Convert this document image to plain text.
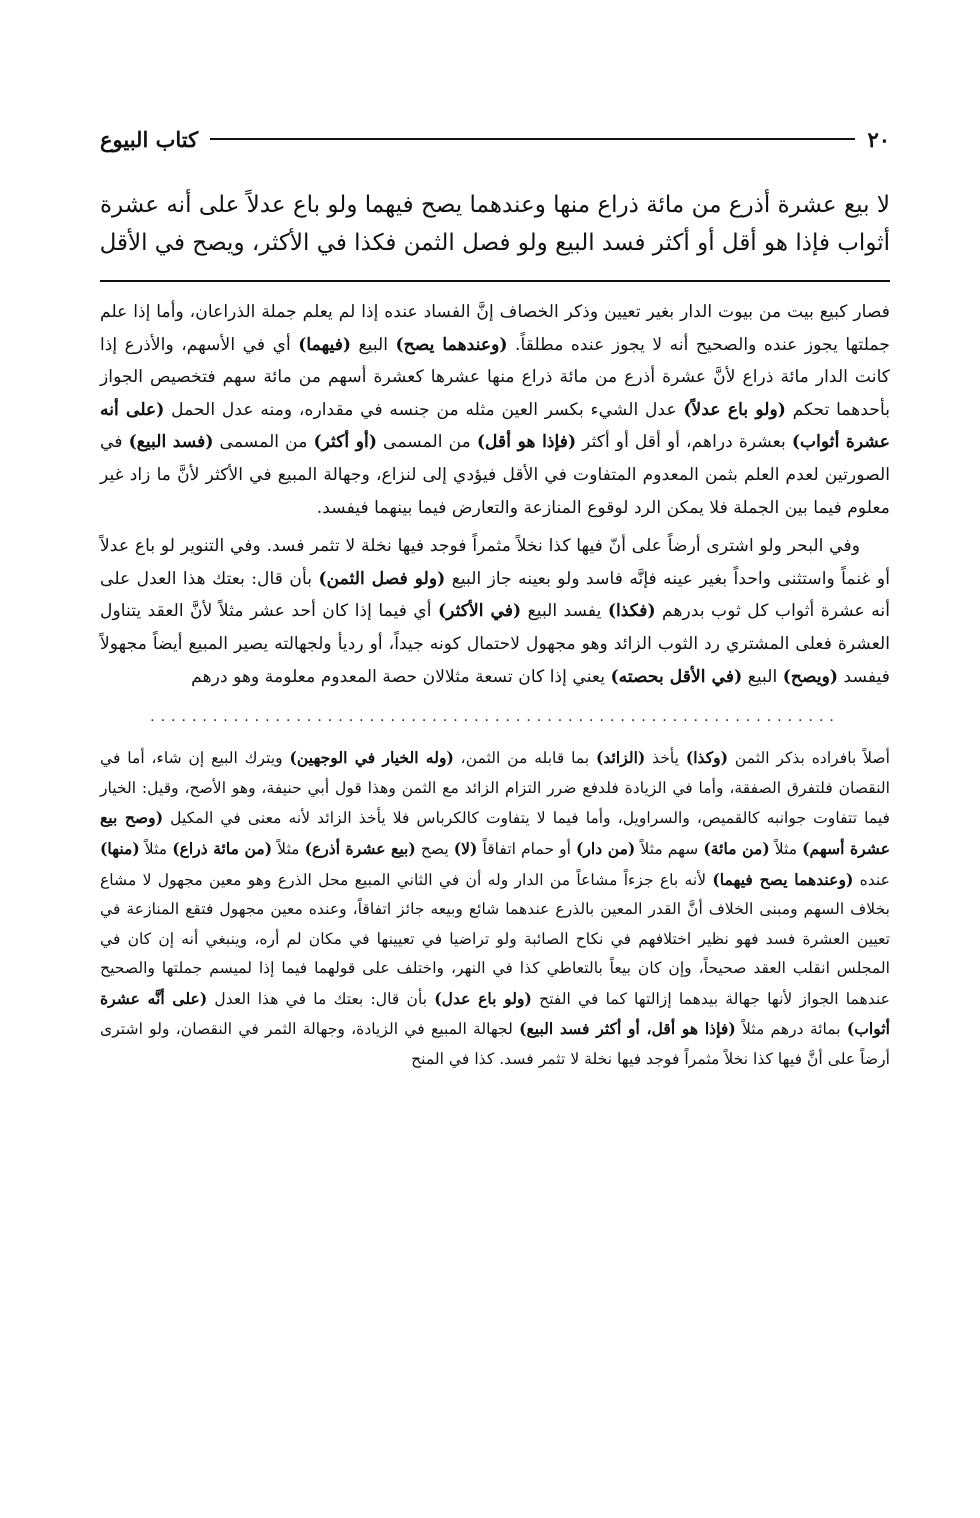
٢٠
كتاب البيوع
لا بيع عشرة أذرع من مائة ذراع منها وعندهما يصح فيهما ولو باع عدلاً على أنه عشرة
أثواب فإذا هو أقل أو أكثر فسد البيع ولو فصل الثمن فكذا في الأكثر، ويصح في الأقل

فصار كبيع بيت من بيوت الدار بغير تعيين وذكر الخصاف إنَّ الفساد عنده إذا لم يعلم جملة الذراعان، وأما إذا علم جملتها يجوز عنده والصحيح أنه لا يجوز عنده مطلقاً. (وعندهما يصح) البيع (فيهما) أي في الأسهم، والأذرع إذا كانت الدار مائة ذراع لأنَّ عشرة أذرع من مائة ذراع منها عشرها كعشرة أسهم من مائة سهم فتخصيص الجواز بأحدهما تحكم (ولو باع عدلاً) عدل الشيء بكسر العين مثله من جنسه في مقداره، ومنه عدل الحمل (على أنه عشرة أثواب) بعشرة دراهم، أو أقل أو أكثر (فإذا هو أقل) من المسمى (أو أكثر) من المسمى (فسد البيع) في الصورتين لعدم العلم بثمن المعدوم المتفاوت في الأقل فيؤدي إلى لنزاع، وجهالة المبيع في الأكثر لأنَّ ما زاد غير معلوم فيما بين الجملة فلا يمكن الرد لوقوع المنازعة والتعارض فيما بينهما فيفسد.

وفي البحر ولو اشترى أرضاً على أنّ فيها كذا نخلاً مثمراً فوجد فيها نخلة لا تثمر فسد. وفي التنوير لو باع عدلاً أو غنماً واستثنى واحداً بغير عينه فإنَّه فاسد ولو بعينه جاز البيع (ولو فصل الثمن) بأن قال: بعتك هذا العدل على أنه عشرة أثواب كل ثوب بدرهم (فكذا) يفسد البيع (في الأكثر) أي فيما إذا كان أحد عشر مثلاً لأنَّ العقد يتناول العشرة فعلى المشتري رد الثوب الزائد وهو مجهول لاحتمال كونه جيداً، أو رديأ ولجهالته يصير المبيع أيضاً مجهولاً فيفسد (ويصح) البيع (في الأقل بحصته) يعني إذا كان تسعة مثلالان حصة المعدوم معلومة وهو درهم

..................................................................

أصلاً بافراده بذكر الثمن (وكذا) يأخذ (الزائد) بما قابله من الثمن، (وله الخيار في الوجهين) ويترك البيع إن شاء، أما في النقصان فلتفرق الصفقة، وأما في الزيادة فلدفع ضرر التزام الزائد مع الثمن وهذا قول أبي حنيفة، وهو الأصح، وقيل: الخيار فيما تتفاوت جوانبه كالقميص، والسراويل، وأما فيما لا يتفاوت كالكرباس فلا يأخذ الزائد لأنه معنى في المكيل (وصح بيع عشرة أسهم) مثلاً (من مائة) سهم مثلاً (من دار) أو حمام اتفاقاً (لا) يصح (بيع عشرة أذرع) مثلاً (من مائة ذراع) مثلاً (منها) عنده (وعندهما يصح فيهما) لأنه باع جزءاً مشاعاً من الدار وله أن في الثاني المبيع محل الذرع وهو معين مجهول لا مشاع بخلاف السهم ومبنى الخلاف أنَّ القدر المعين بالذرع عندهما شائع وبيعه جائز اتفاقاً، وعنده معين مجهول فتقع المنازعة في تعيين العشرة فسد فهو نظير اختلافهم في نكاح الصائبة ولو تراضيا في تعيينها في مكان لم أره، وينبغي أنه إن كان في المجلس انقلب العقد صحيحاً، وإن كان بيعاً بالتعاطي كذا في النهر، واختلف على قولهما فيما إذا لميسم جملتها والصحيح عندهما الجواز لأنها جهالة بيدهما إزالتها كما في الفتح (ولو باع عدل) بأن قال: بعتك ما في هذا العدل (على أنَّه عشرة أثواب) بمائة درهم مثلاً (فإذا هو أقل، أو أكثر فسد البيع) لجهالة المبيع في الزيادة، وجهالة الثمر في النقصان، ولو اشترى أرضاً على أنَّ فيها كذا نخلاً مثمراً فوجد فيها نخلة لا تثمر فسد. كذا في المنح
